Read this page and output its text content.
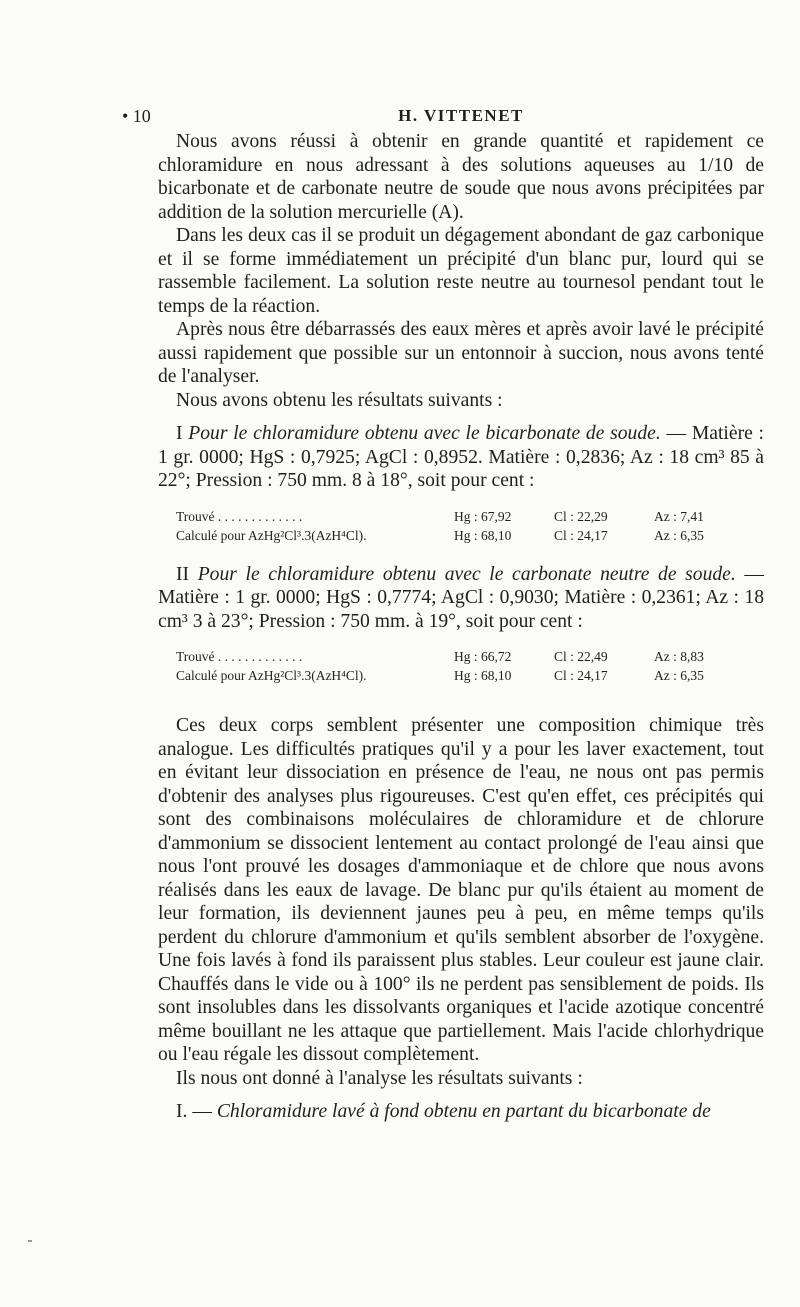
• 10	H. VITTENET

Nous avons réussi à obtenir en grande quantité et rapidement ce chloramidure en nous adressant à des solutions aqueuses au 1/10 de bicarbonate et de carbonate neutre de soude que nous avons précipitées par addition de la solution mercurielle (A).

Dans les deux cas il se produit un dégagement abondant de gaz carbonique et il se forme immédiatement un précipité d'un blanc pur, lourd qui se rassemble facilement. La solution reste neutre au tournesol pendant tout le temps de la réaction.

Après nous être débarrassés des eaux mères et après avoir lavé le précipité aussi rapidement que possible sur un entonnoir à succion, nous avons tenté de l'analyser.

Nous avons obtenu les résultats suivants :

I Pour le chloramidure obtenu avec le bicarbonate de soude. — Matière : 1 gr. 0000; HgS : 0,7925; AgCl : 0,8952. Matière : 0,2836; Az : 18 cm³ 85 à 22°; Pression : 750 mm. 8 à 18°, soit pour cent :

Trouvé . . . . . . . . . . . . .	Hg : 67,92	Cl : 22,29	Az : 7,41
Calculé pour AzHg²Cl³.3(AzH⁴Cl).	Hg : 68,10	Cl : 24,17	Az : 6,35

II Pour le chloramidure obtenu avec le carbonate neutre de soude. — Matière : 1 gr. 0000; HgS : 0,7774; AgCl : 0,9030; Matière : 0,2361; Az : 18 cm³ 3 à 23°; Pression : 750 mm. à 19°, soit pour cent :

Trouvé . . . . . . . . . . . . .	Hg : 66,72	Cl : 22,49	Az : 8,83
Calculé pour AzHg²Cl³.3(AzH⁴Cl).	Hg : 68,10	Cl : 24,17	Az : 6,35

Ces deux corps semblent présenter une composition chimique très analogue. Les difficultés pratiques qu'il y a pour les laver exactement, tout en évitant leur dissociation en présence de l'eau, ne nous ont pas permis d'obtenir des analyses plus rigoureuses. C'est qu'en effet, ces précipités qui sont des combinaisons moléculaires de chloramidure et de chlorure d'ammonium se dissocient lentement au contact prolongé de l'eau ainsi que nous l'ont prouvé les dosages d'ammoniaque et de chlore que nous avons réalisés dans les eaux de lavage. De blanc pur qu'ils étaient au moment de leur formation, ils deviennent jaunes peu à peu, en même temps qu'ils perdent du chlorure d'ammonium et qu'ils semblent absorber de l'oxygène. Une fois lavés à fond ils paraissent plus stables. Leur couleur est jaune clair. Chauffés dans le vide ou à 100° ils ne perdent pas sensiblement de poids. Ils sont insolubles dans les dissolvants organiques et l'acide azotique concentré même bouillant ne les attaque que partiellement. Mais l'acide chlorhydrique ou l'eau régale les dissout complètement.

Ils nous ont donné à l'analyse les résultats suivants :

I. — Chloramidure lavé à fond obtenu en partant du bicarbonate de
